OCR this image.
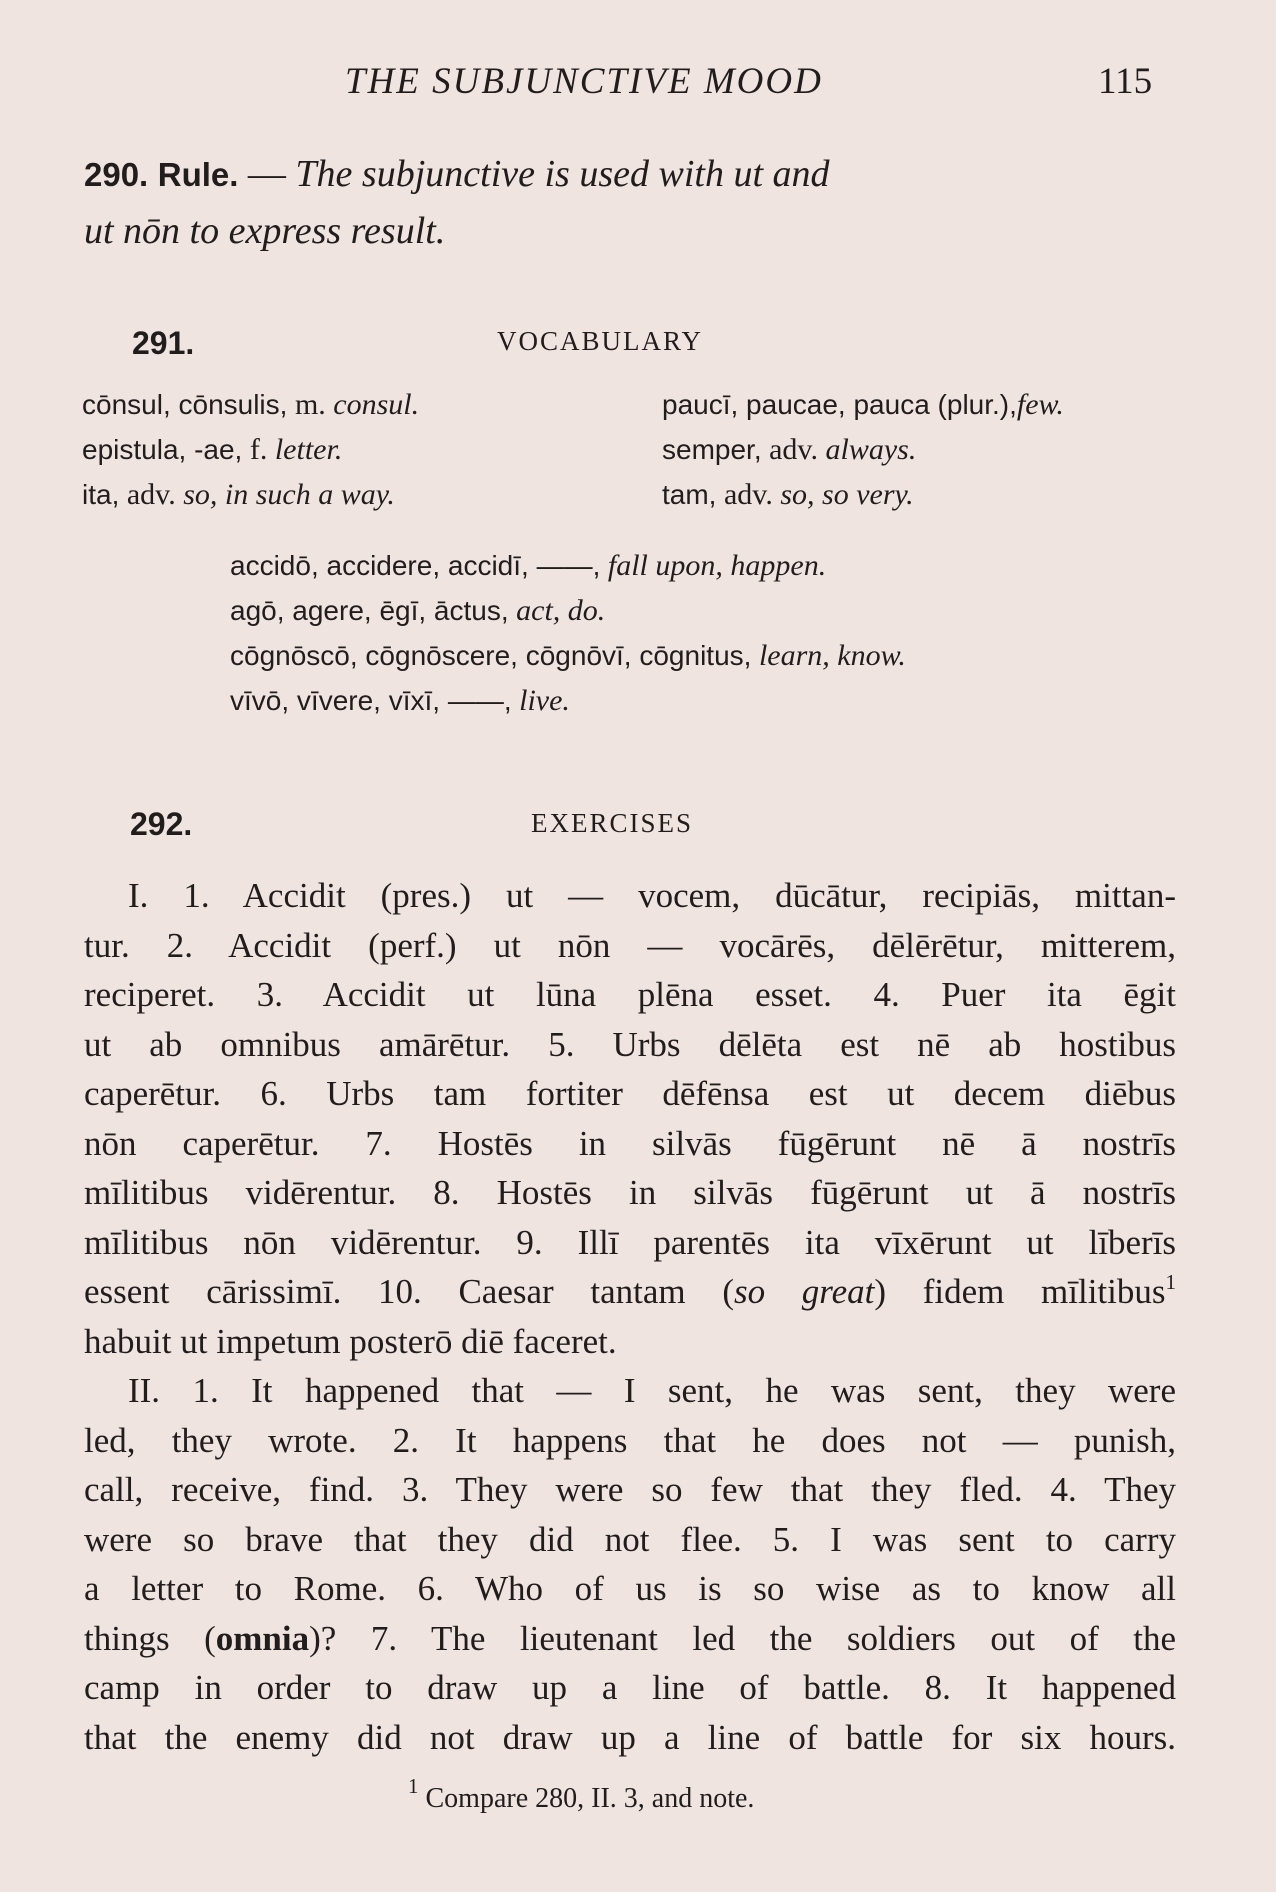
THE SUBJUNCTIVE MOOD	115
290. Rule. — The subjunctive is used with ut and
ut nōn to express result.
291.	VOCABULARY
cōnsul, cōnsulis, m. consul.
epistula, -ae, f. letter.
ita, adv. so, in such a way.
paucī, paucae, pauca (plur.),few.
semper, adv. always.
tam, adv. so, so very.
accidō, accidere, accidī, ——, fall upon, happen.
agō, agere, ēgī, āctus, act, do.
cōgnōscō, cōgnōscere, cōgnōvī, cōgnitus, learn, know.
vīvō, vīvere, vīxī, ——, live.
292.	EXERCISES
I. 1. Accidit (pres.) ut — vocem, dūcātur, recipiās, mittan-
tur. 2. Accidit (perf.) ut nōn — vocārēs, dēlērētur, mitterem,
reciperet. 3. Accidit ut lūna plēna esset. 4. Puer ita ēgit
ut ab omnibus amārētur. 5. Urbs dēlēta est nē ab hostibus
caperētur. 6. Urbs tam fortiter dēfēnsa est ut decem diēbus
nōn caperētur. 7. Hostēs in silvās fūgērunt nē ā nostrīs
mīlitibus vidērentur. 8. Hostēs in silvās fūgērunt ut ā nostrīs
mīlitibus nōn vidērentur. 9. Illī parentēs ita vīxērunt ut līberīs
essent cārissimī. 10. Caesar tantam (so great) fidem mīlitibus$^1$
habuit ut impetum posterō diē faceret.
II. 1. It happened that — I sent, he was sent, they were
led, they wrote. 2. It happens that he does not — punish,
call, receive, find. 3. They were so few that they fled. 4. They
were so brave that they did not flee. 5. I was sent to carry
a letter to Rome. 6. Who of us is so wise as to know all
things (omnia)? 7. The lieutenant led the soldiers out of the
camp in order to draw up a line of battle. 8. It happened
that the enemy did not draw up a line of battle for six hours.
$^1$ Compare 280, II. 3, and note.
